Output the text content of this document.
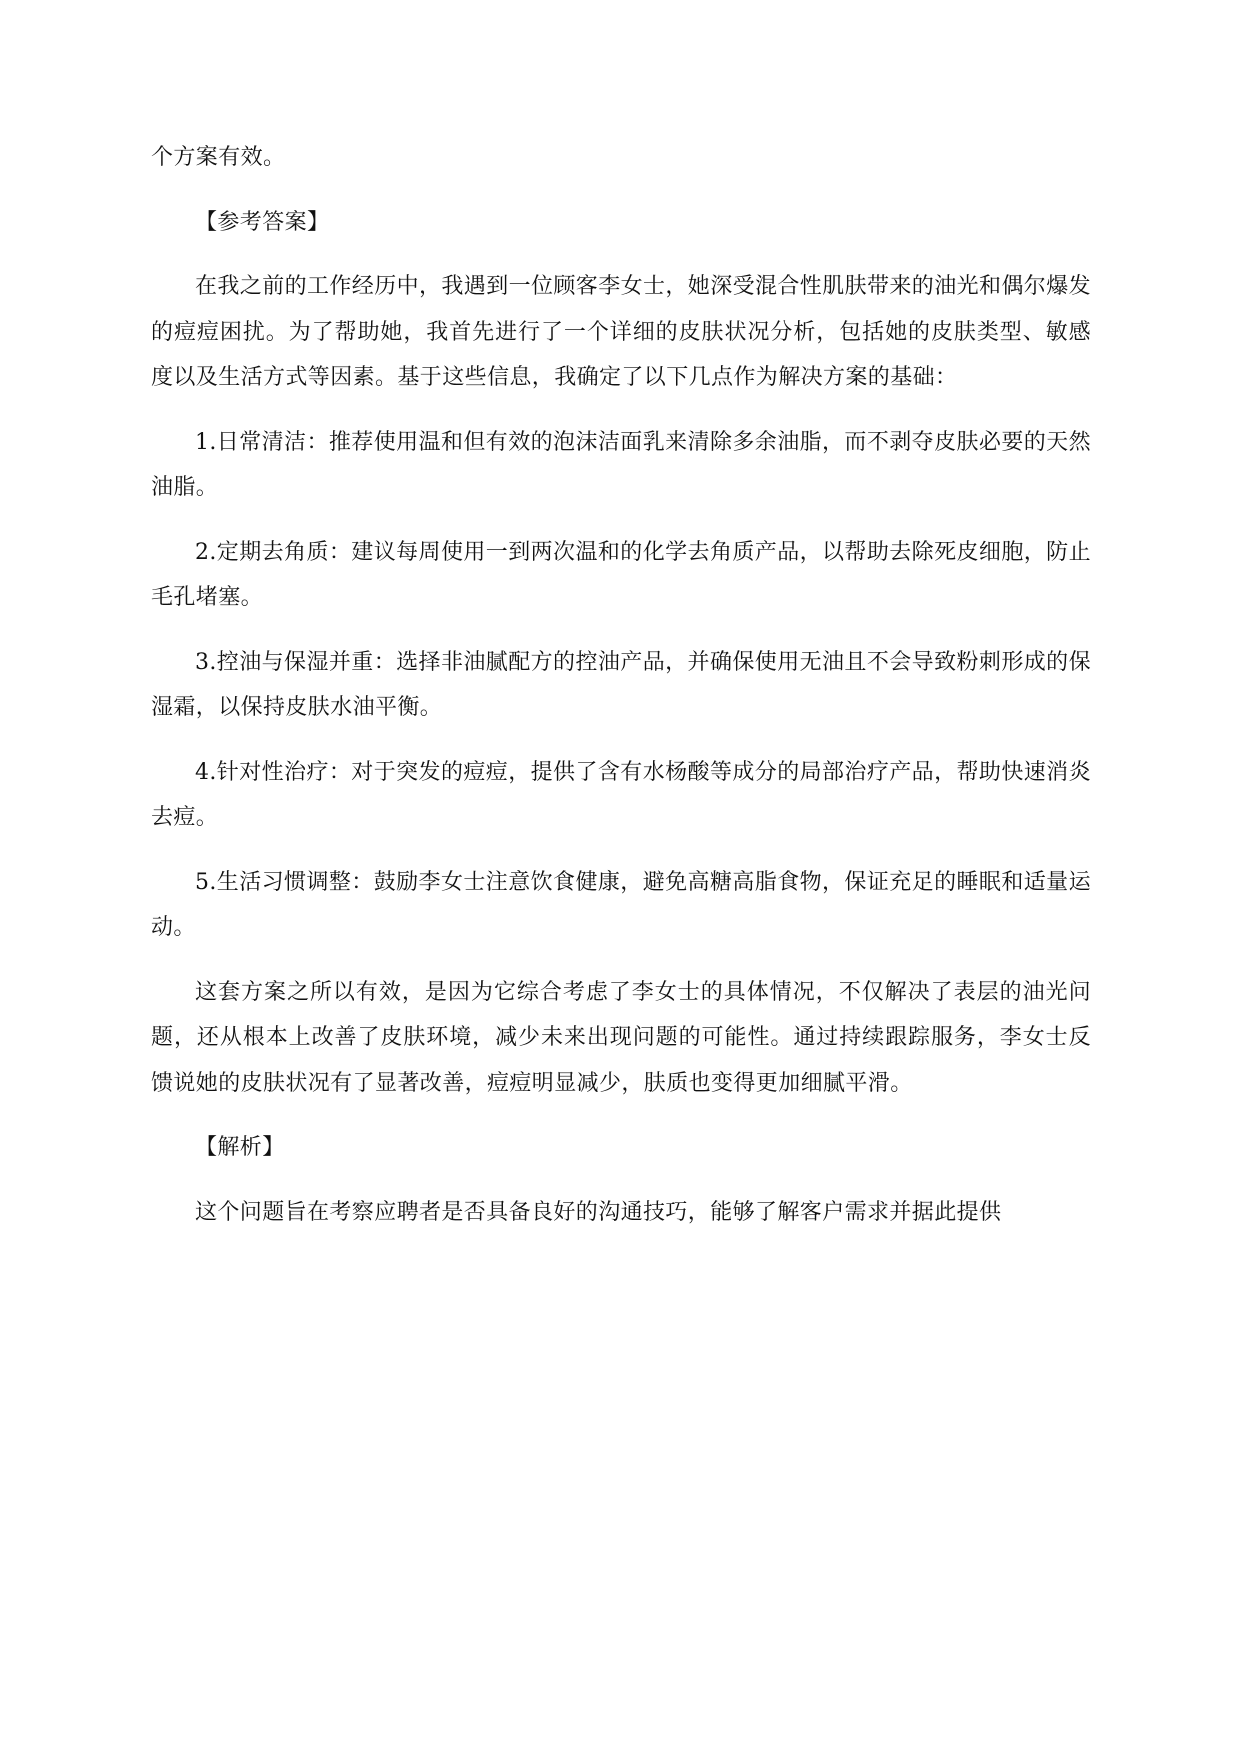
个方案有效。

【参考答案】

在我之前的工作经历中，我遇到一位顾客李女士，她深受混合性肌肤带来的油光和偶尔爆发的痘痘困扰。为了帮助她，我首先进行了一个详细的皮肤状况分析，包括她的皮肤类型、敏感度以及生活方式等因素。基于这些信息，我确定了以下几点作为解决方案的基础：

1.日常清洁：推荐使用温和但有效的泡沫洁面乳来清除多余油脂，而不剥夺皮肤必要的天然油脂。

2.定期去角质：建议每周使用一到两次温和的化学去角质产品，以帮助去除死皮细胞，防止毛孔堵塞。

3.控油与保湿并重：选择非油腻配方的控油产品，并确保使用无油且不会导致粉刺形成的保湿霜，以保持皮肤水油平衡。

4.针对性治疗：对于突发的痘痘，提供了含有水杨酸等成分的局部治疗产品，帮助快速消炎去痘。

5.生活习惯调整：鼓励李女士注意饮食健康，避免高糖高脂食物，保证充足的睡眠和适量运动。

这套方案之所以有效，是因为它综合考虑了李女士的具体情况，不仅解决了表层的油光问题，还从根本上改善了皮肤环境，减少未来出现问题的可能性。通过持续跟踪服务，李女士反馈说她的皮肤状况有了显著改善，痘痘明显减少，肤质也变得更加细腻平滑。

【解析】

这个问题旨在考察应聘者是否具备良好的沟通技巧，能够了解客户需求并据此提供
